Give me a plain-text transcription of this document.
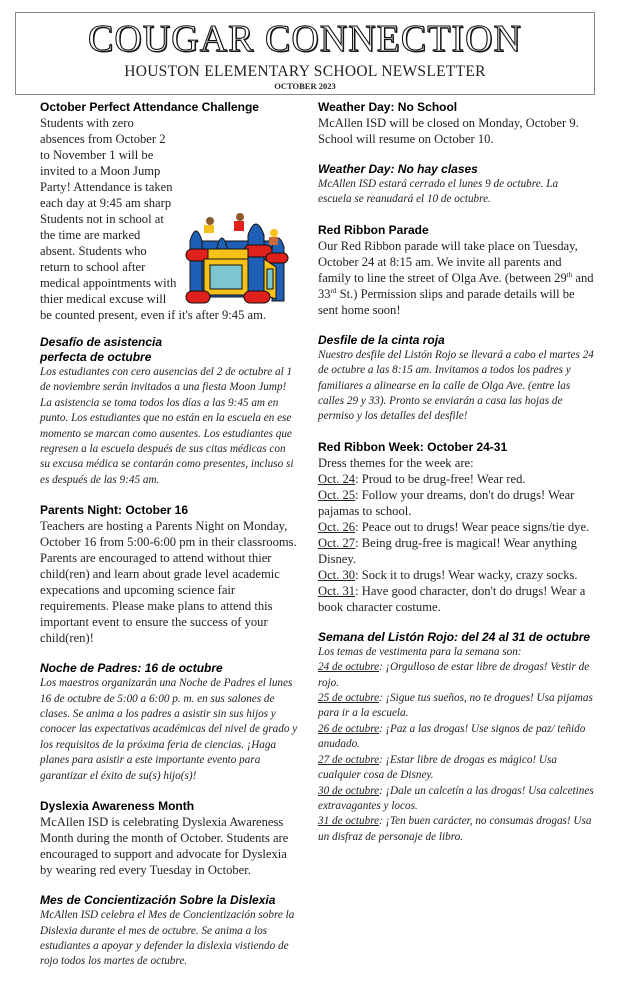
COUGAR CONNECTION
HOUSTON ELEMENTARY SCHOOL NEWSLETTER
OCTOBER 2023
October Perfect Attendance Challenge

Students with zero absences from October 2 to November 1 will be invited to a Moon Jump Party! Attendance is taken each day at 9:45 am sharp Students not in school at the time are marked absent. Students who return to school after medical appointments with thier medical excuse will be counted present, even if it's after 9:45 am.

Desafío de asistencia perfecta de octubre

Los estudiantes con cero ausencias del 2 de octubre al 1 de noviembre serán invitados a una fiesta Moon Jump!

La asistencia se toma todos los días a las 9:45 am en punto. Los estudiantes que no están en la escuela en ese momento se marcan como ausentes. Los estudiantes que regresen a la escuela después de sus citas médicas con su excusa médica se contarán como presentes, incluso si es después de las 9:45 am.

Parents Night: October 16

Teachers are hosting a Parents Night on Monday, October 16 from 5:00-6:00 pm in their classrooms. Parents are encouraged to attend without thier child(ren) and learn about grade level academic expecations and upcoming science fair requirements. Please make plans to attend this important event to ensure the success of your child(ren)!

Noche de Padres: 16 de octubre

Los maestros organizarán una Noche de Padres el lunes 16 de octubre de 5:00 a 6:00 p. m. en sus salones de clases. Se anima a los padres a asistir sin sus hijos y conocer las expectativas académicas del nivel de grado y los requisitos de la próxima feria de ciencias. ¡Haga planes para asistir a este importante evento para garantizar el éxito de su(s) hijo(s)!

Dyslexia Awareness Month

McAllen ISD is celebrating Dyslexia Awareness Month during the month of October. Students are encouraged to support and advocate for Dyslexia by wearing red every Tuesday in October.

Mes de Concientización Sobre la Dislexia

McAllen ISD celebra el Mes de Concientización sobre la Dislexia durante el mes de octubre. Se anima a los estudiantes a apoyar y defender la dislexia vistiendo de rojo todos los martes de octubre.

Weather Day: No School

McAllen ISD will be closed on Monday, October 9. School will resume on October 10.

Weather Day: No hay clases

McAllen ISD estará cerrado el lunes 9 de octubre. La escuela se reanudará el 10 de octubre.

Red Ribbon Parade

Our Red Ribbon parade will take place on Tuesday, October 24 at 8:15 am. We invite all parents and family to line the street of Olga Ave. (between 29th and 33rd St.) Permission slips and parade details will be sent home soon!

Desfile de la cinta roja

Nuestro desfile del Listón Rojo se llevará a cabo el martes 24 de octubre a las 8:15 am. Invitamos a todos los padres y familiares a alinearse en la calle de Olga Ave. (entre las calles 29 y 33). Pronto se enviarán a casa las hojas de permiso y los detalles del desfile!

Red Ribbon Week: October 24-31

Dress themes for the week are:

Oct. 24: Proud to be drug-free! Wear red.
Oct. 25: Follow your dreams, don't do drugs! Wear pajamas to school.
Oct. 26: Peace out to drugs! Wear peace signs/tie dye.
Oct. 27: Being drug-free is magical! Wear anything Disney.
Oct. 30: Sock it to drugs! Wear wacky, crazy socks.
Oct. 31: Have good character, don't do drugs! Wear a book character costume.
Semana del Listón Rojo: del 24 al 31 de octubre

Los temas de vestimenta para la semana son:

24 de octubre: ¡Orgulloso de estar libre de drogas! Vestir de rojo.
25 de octubre: ¡Sigue tus sueños, no te drogues! Usa pijamas para ir a la escuela.
26 de octubre: ¡Paz a las drogas! Use signos de paz/ teñido anudado.
27 de octubre: ¡Estar libre de drogas es mágico! Usa cualquier cosa de Disney.
30 de octubre: ¡Dale un calcetín a las drogas! Usa calcetines extravagantes y locos.
31 de octubre: ¡Ten buen carácter, no consumas drogas! Usa un disfraz de personaje de libro.
